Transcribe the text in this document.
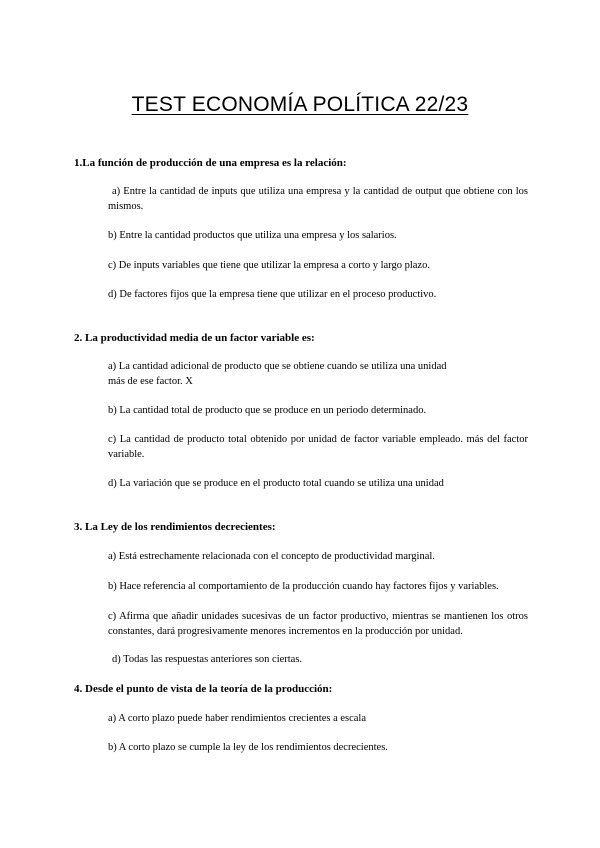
TEST ECONOMÍA POLÍTICA 22/23
1.La función de producción de una empresa es la relación:
a) Entre la cantidad de inputs que utiliza una empresa y la cantidad de output que obtiene con los mismos.
b) Entre la cantidad productos que utiliza una empresa y los salarios.
c) De inputs variables que tiene que utilizar la empresa a corto y largo plazo.
d) De factores fijos que la empresa tiene que utilizar en el proceso productivo.
2. La productividad media de un factor variable es:
a) La cantidad adicional de producto que se obtiene cuando se utiliza una unidad
más de ese factor. X
b) La cantidad total de producto que se produce en un periodo determinado.
c) La cantidad de producto total obtenido por unidad de factor variable empleado. más del factor variable.
d) La variación que se produce en el producto total cuando se utiliza una unidad
3. La Ley de los rendimientos decrecientes:
a) Está estrechamente relacionada con el concepto de productividad marginal.
b) Hace referencia al comportamiento de la producción cuando hay factores fijos y variables.
c) Afirma que añadir unidades sucesivas de un factor productivo, mientras se mantienen los otros constantes, dará progresivamente menores incrementos en la producción por unidad.
d) Todas las respuestas anteriores son ciertas.
4. Desde el punto de vista de la teoría de la producción:
a) A corto plazo puede haber rendimientos crecientes a escala
b) A corto plazo se cumple la ley de los rendimientos decrecientes.
